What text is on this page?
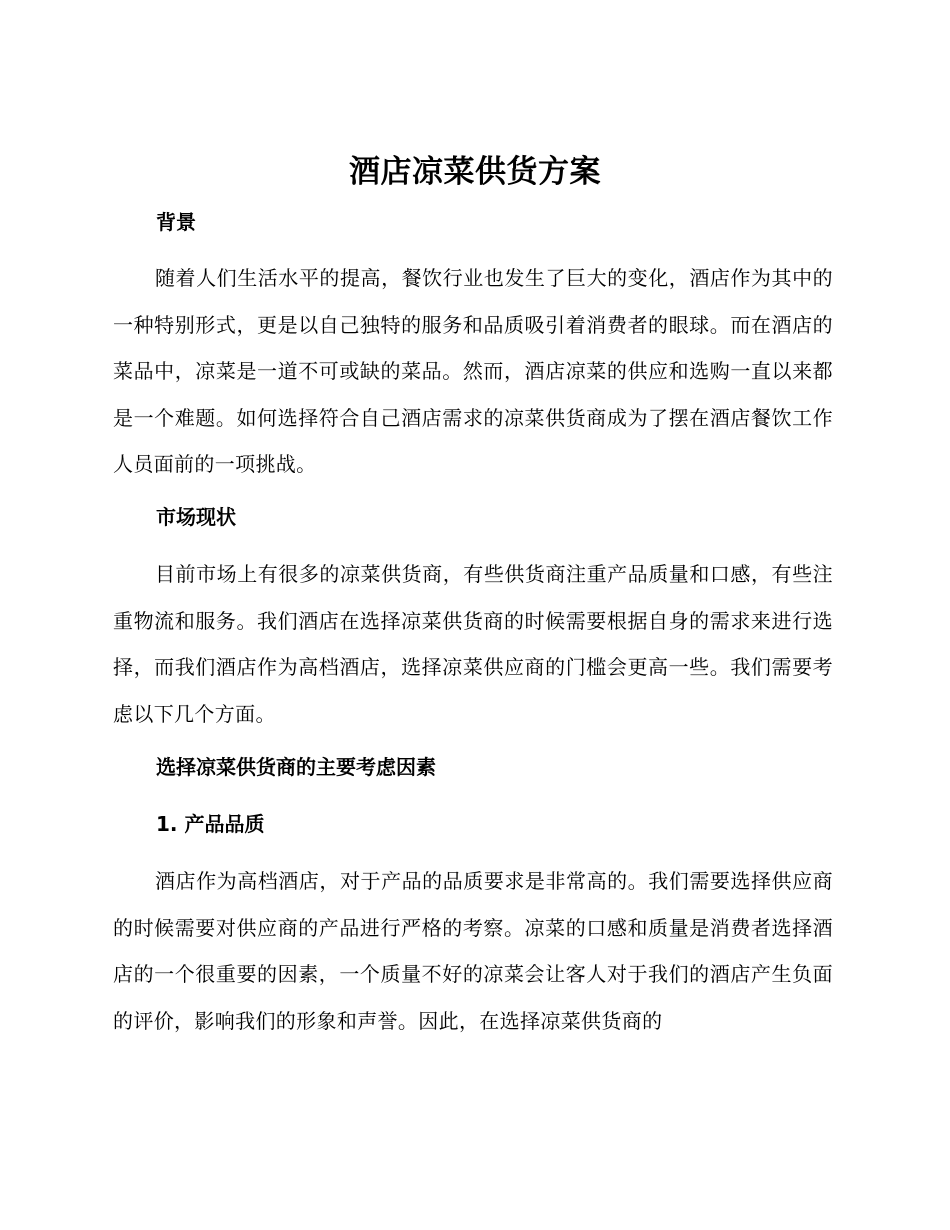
酒店凉菜供货方案
背景
随着人们生活水平的提高，餐饮行业也发生了巨大的变化，酒店作为其中的一种特别形式，更是以自己独特的服务和品质吸引着消费者的眼球。而在酒店的菜品中，凉菜是一道不可或缺的菜品。然而，酒店凉菜的供应和选购一直以来都是一个难题。如何选择符合自己酒店需求的凉菜供货商成为了摆在酒店餐饮工作人员面前的一项挑战。
市场现状
目前市场上有很多的凉菜供货商，有些供货商注重产品质量和口感，有些注重物流和服务。我们酒店在选择凉菜供货商的时候需要根据自身的需求来进行选择，而我们酒店作为高档酒店，选择凉菜供应商的门槛会更高一些。我们需要考虑以下几个方面。
选择凉菜供货商的主要考虑因素
1. 产品品质
酒店作为高档酒店，对于产品的品质要求是非常高的。我们需要选择供应商的时候需要对供应商的产品进行严格的考察。凉菜的口感和质量是消费者选择酒店的一个很重要的因素，一个质量不好的凉菜会让客人对于我们的酒店产生负面的评价，影响我们的形象和声誉。因此，在选择凉菜供货商的
